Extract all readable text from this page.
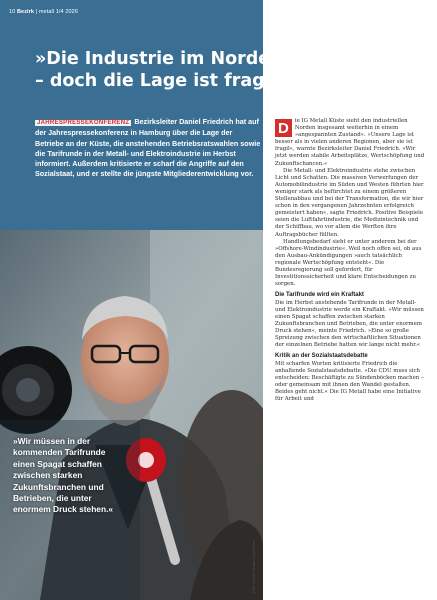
10 Bezirk | metall 1/4 2026
»Wir müssen in der kommenden Tarifrunde einen Spagat schaffen zwischen starken Zukunftsbranchen und Betrieben, die unter enormem Druck stehen.«
Foto: Karolin Ussatz / Lars Franz
»Die Industrie im Norden bleibt robust – doch die Lage ist fragil«
JAHRESPRESSEKONFERENZ Bezirksleiter Daniel Friedrich hat auf der Jahrespressekonferenz in Hamburg über die Lage der Betriebe an der Küste, die anstehenden Betriebsratswahlen sowie die Tarifrunde in der Metall- und Elektroindustrie im Herbst informiert. Außerdem kritisierte er scharf die Angriffe auf den Sozialstaat, und er stellte die jüngste Mitgliederentwicklung vor.

D	ie IG Metall Küste sieht den industriellen Norden insgesamt weiterhin in einem »angespannten Zustand«. »Unsere Lage ist besser als in vielen anderen Regionen, aber sie ist fragil«, warnte Bezirksleiter Daniel Friedrich. »Wir jetzt werden stabile Arbeitsplätze, Wertschöpfung und Zukunftschancen.«

Die Metall- und Elektroindustrie stehe zwischen Licht und Schatten. Die massiven Verwerfungen der Automobilindustrie im Süden und Westen führten hier weniger stark als befürchtet zu einem größeren Stellenabbau und bei der Transformation, die wir hier schon in den vergangenen Jahrzehnten erfolgreich gemeistert haben«, sagte Friedrich. Positive Beispiele seien die Luftfahrtindustrie, die Medizintechnik und der Schiffbau, wo vor allem die Werften ihre Auftragsbücher füllten.

Handlungsbedarf sieht er unter anderem bei der »Offshore-Windindustrie«. Weil noch offen sei, ob aus den Ausbau-Ankündigungen »auch tatsächlich regionale Wertschöpfung entsteht«. Die Bundesregierung soll gefordert, für Investitionssicherheit und klare Entscheidungen zu sorgen.

Die Tarifrunde wird ein Kraftakt

Die im Herbst anstehende Tarifrunde in der Metall- und Elektroindustrie werde ein Kraftakt. »Wir müssen einen Spagat schaffen zwischen starken Zukunftsbranchen und Betrieben, die unter enormem Druck stehen«, meinte Friedrich. »Eine so große Spreizung zwischen den wirtschaftlichen Situationen der einzelnen Betriebe hatten wir lange nicht mehr.«

Kritik an der Sozialstaatsdebatte

Mit scharfen Worten kritisierte Friedrich die anhaltende Sozialstaatsdebatte. »Die CDU muss sich entscheiden: Beschäftigte zu Sündenböcken machen – oder gemeinsam mit ihnen den Wandel gestalten. Beides geht nicht.« Die IG Metall habe eine Initiative für Arbeit und
